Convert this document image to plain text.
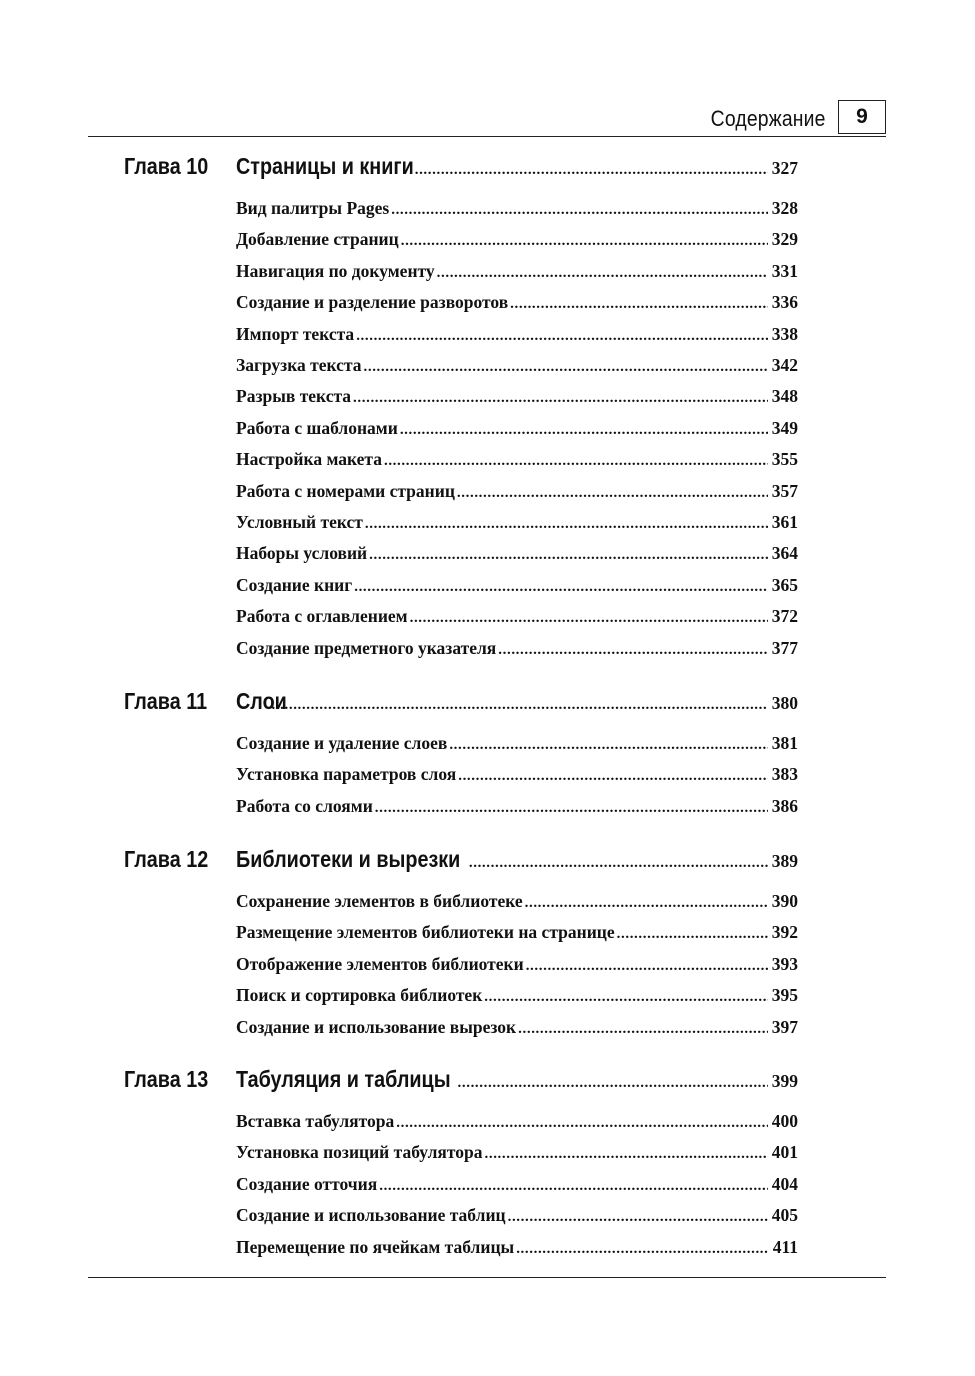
Содержание	9
Глава 10 Страницы и книги .....	327
Вид палитры Pages .....	328
Добавление страниц .....	329
Навигация по документу .....	331
Создание и разделение разворотов .....	336
Импорт текста .....	338
Загрузка текста .....	342
Разрыв текста .....	348
Работа с шаблонами .....	349
Настройка макета .....	355
Работа с номерами страниц .....	357
Условный текст .....	361
Наборы условий .....	364
Создание книг .....	365
Работа с оглавлением .....	372
Создание предметного указателя .....	377
Глава 11 Слои .....	380
Создание и удаление слоев .....	381
Установка параметров слоя .....	383
Работа со слоями .....	386
Глава 12 Библиотеки и вырезки .....	389
Сохранение элементов в библиотеке .....	390
Размещение элементов библиотеки на странице .....	392
Отображение элементов библиотеки .....	393
Поиск и сортировка библиотек .....	395
Создание и использование вырезок .....	397
Глава 13 Табуляция и таблицы .....	399
Вставка табулятора .....	400
Установка позиций табулятора .....	401
Создание отточия .....	404
Создание и использование таблиц .....	405
Перемещение по ячейкам таблицы .....	411
